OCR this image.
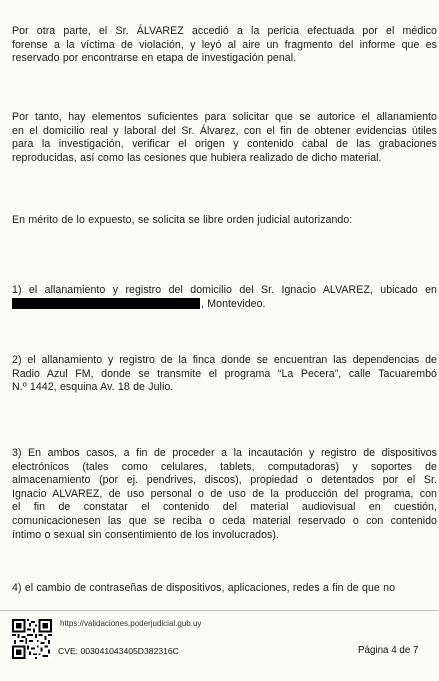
Por otra parte, el Sr. ÁLVAREZ accedió a la pericia efectuada por el médico
forense a la víctima de violación, y leyó al aire un fragmento del informe que es
reservado por encontrarse en etapa de investigación penal.
Por tanto, hay elementos suficientes para solicitar que se autorice el allanamiento
en el domicilio real y laboral del Sr. Álvarez, con el fin de obtener evidencias útiles
para la investigación, verificar el origen y contenido cabal de las grabaciones
reproducidas, así como las cesiones que hubiera realizado de dicho material.
En mérito de lo expuesto, se solicita se libre orden judicial autorizando:
1) el allanamiento y registro del domicilio del Sr. Ignacio ALVAREZ, ubicado en
, Montevideo.
2) el allanamiento y registro de la finca donde se encuentran las dependencias de
Radio Azul FM, donde se transmite el programa “La Pecera”, calle Tacuarembó
N.º 1442, esquina Av. 18 de Julio.
3) En ambos casos, a fin de proceder a la incautación y registro de dispositivos
electrónicos (tales como celulares, tablets, computadoras) y soportes de
almacenamiento (por ej. pendrives, discos), propiedad o detentados por el Sr.
Ignacio ALVAREZ, de uso personal o de uso de la producción del programa, con
el fin de constatar el contenido del material audiovisual en cuestión,
comunicacionesen las que se reciba o ceda material reservado o con contenido
íntimo o sexual sin consentimiento de los involucrados).
4) el cambio de contraseñas de dispositivos, aplicaciones, redes a fin de que no
https://validaciones.poderjudicial.gub.uy
CVE: 003041043405D382316C	Página 4 de 7
